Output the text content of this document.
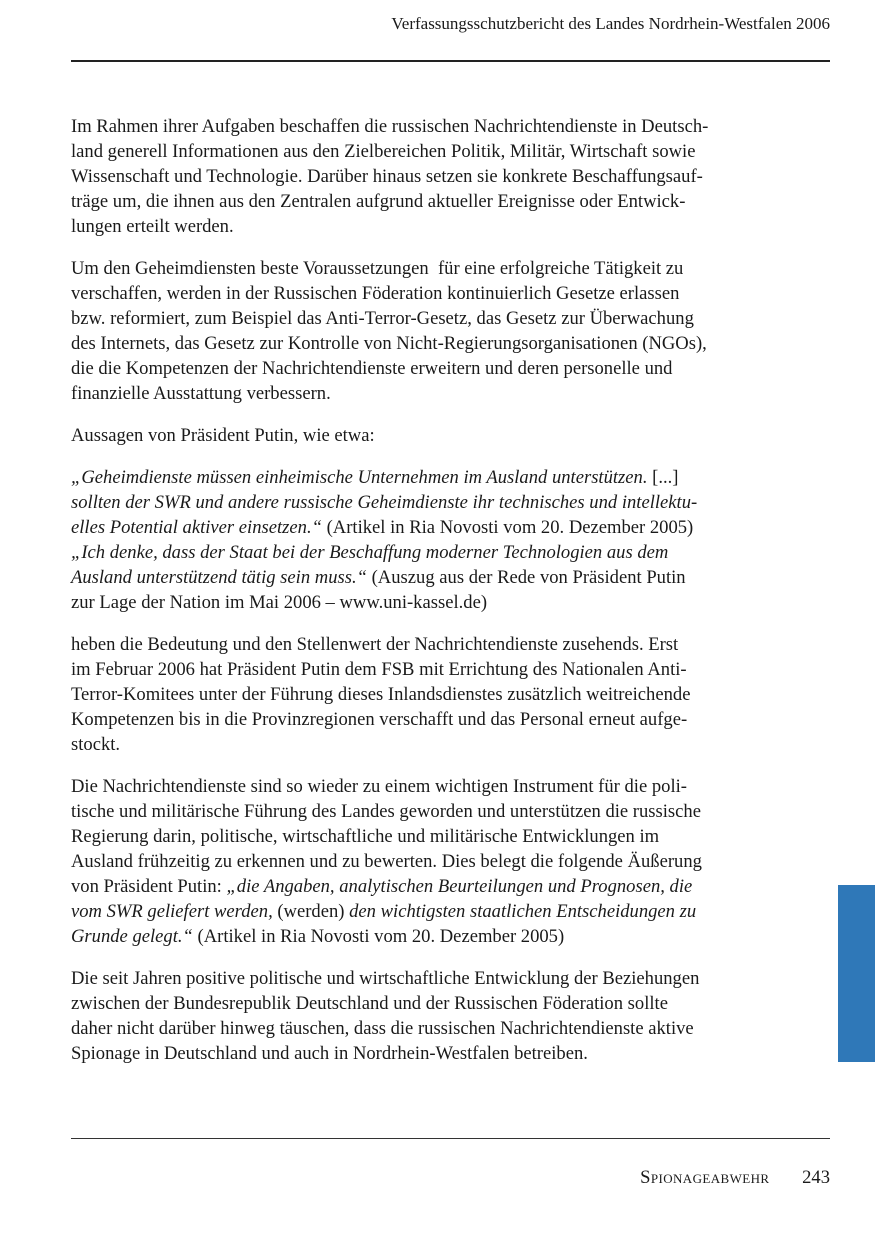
Verfassungsschutzbericht des Landes Nordrhein-Westfalen 2006

Im Rahmen ihrer Aufgaben beschaffen die russischen Nachrichtendienste in Deutsch-
land generell Informationen aus den Zielbereichen Politik, Militär, Wirtschaft sowie
Wissenschaft und Technologie. Darüber hinaus setzen sie konkrete Beschaffungsauf-
träge um, die ihnen aus den Zentralen aufgrund aktueller Ereignisse oder Entwick-
lungen erteilt werden.

Um den Geheimdiensten beste Voraussetzungen  für eine erfolgreiche Tätigkeit zu
verschaffen, werden in der Russischen Föderation kontinuierlich Gesetze erlassen
bzw. reformiert, zum Beispiel das Anti-Terror-Gesetz, das Gesetz zur Überwachung
des Internets, das Gesetz zur Kontrolle von Nicht-Regierungsorganisationen (NGOs),
die die Kompetenzen der Nachrichtendienste erweitern und deren personelle und
finanzielle Ausstattung verbessern.

Aussagen von Präsident Putin, wie etwa:

„Geheimdienste müssen einheimische Unternehmen im Ausland unterstützen. [...]
sollten der SWR und andere russische Geheimdienste ihr technisches und intellektu-
elles Potential aktiver einsetzen.“ (Artikel in Ria Novosti vom 20. Dezember 2005)
„Ich denke, dass der Staat bei der Beschaffung moderner Technologien aus dem
Ausland unterstützend tätig sein muss.“ (Auszug aus der Rede von Präsident Putin
zur Lage der Nation im Mai 2006 – www.uni-kassel.de)

heben die Bedeutung und den Stellenwert der Nachrichtendienste zusehends. Erst
im Februar 2006 hat Präsident Putin dem FSB mit Errichtung des Nationalen Anti-
Terror-Komitees unter der Führung dieses Inlandsdienstes zusätzlich weitreichende
Kompetenzen bis in die Provinzregionen verschafft und das Personal erneut aufge-
stockt.

Die Nachrichtendienste sind so wieder zu einem wichtigen Instrument für die poli-
tische und militärische Führung des Landes geworden und unterstützen die russische
Regierung darin, politische, wirtschaftliche und militärische Entwicklungen im
Ausland frühzeitig zu erkennen und zu bewerten. Dies belegt die folgende Äußerung
von Präsident Putin: „die Angaben, analytischen Beurteilungen und Prognosen, die
vom SWR geliefert werden, (werden) den wichtigsten staatlichen Entscheidungen zu
Grunde gelegt.“ (Artikel in Ria Novosti vom 20. Dezember 2005)

Die seit Jahren positive politische und wirtschaftliche Entwicklung der Beziehungen
zwischen der Bundesrepublik Deutschland und der Russischen Föderation sollte
daher nicht darüber hinweg täuschen, dass die russischen Nachrichtendienste aktive
Spionage in Deutschland und auch in Nordrhein-Westfalen betreiben.

Spionageabwehr 243
